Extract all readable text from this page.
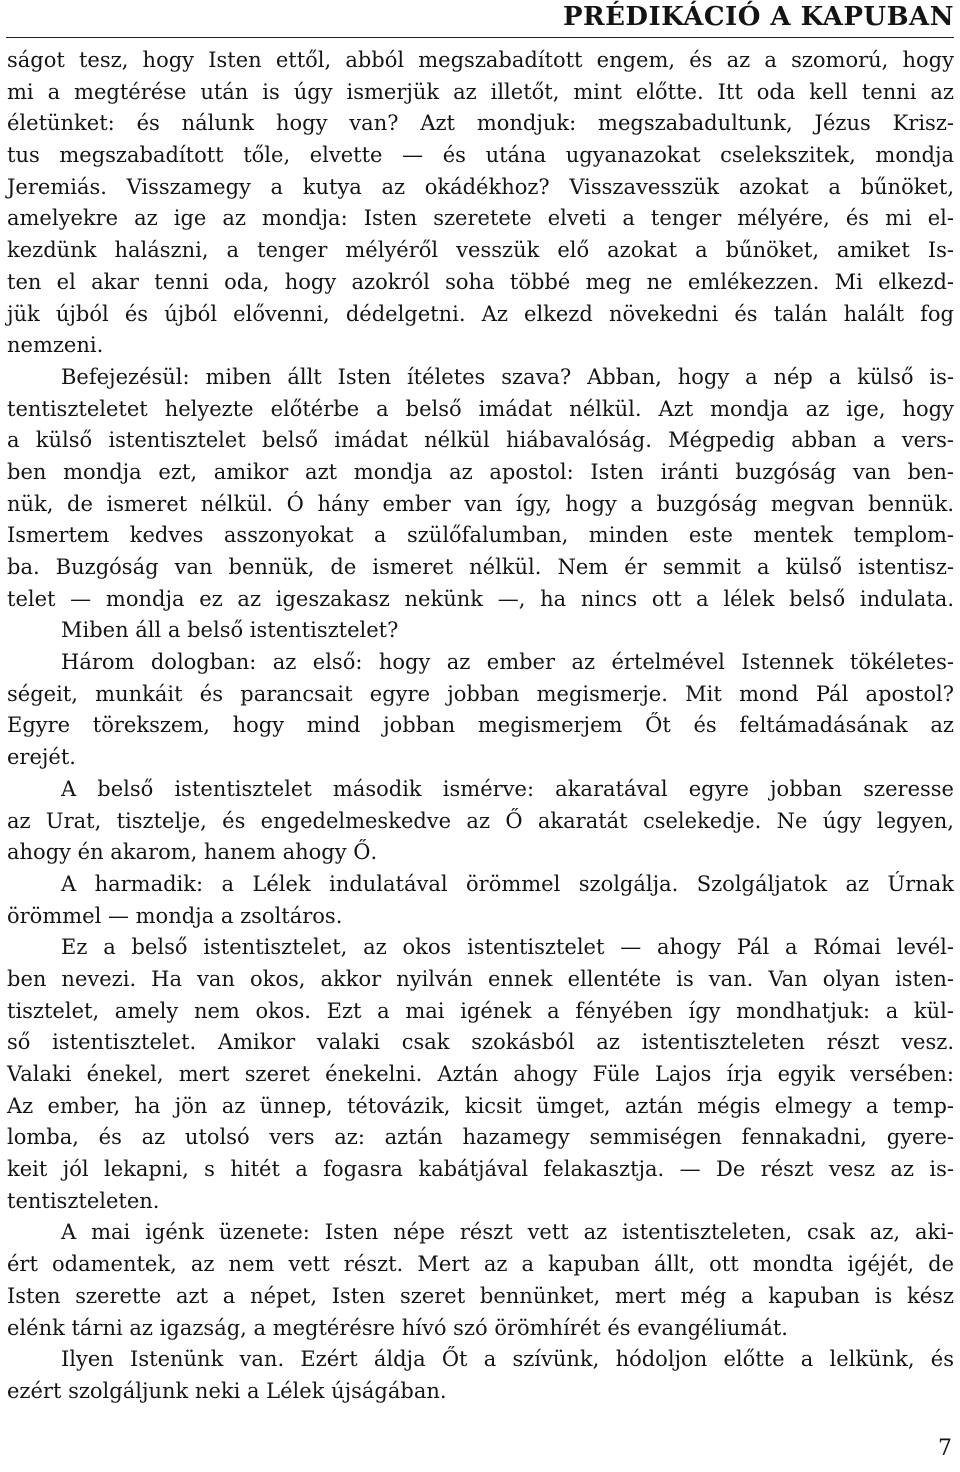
PRÉDIKÁCIÓ A KAPUBAN
ságot tesz, hogy Isten ettől, abból megszabadított engem, és az a szomorú, hogy
mi a megtérése után is úgy ismerjük az illetőt, mint előtte. Itt oda kell tenni az
életünket: és nálunk hogy van? Azt mondjuk: megszabadultunk, Jézus Krisz-
tus megszabadított tőle, elvette — és utána ugyanazokat cselekszitek, mondja
Jeremiás. Visszamegy a kutya az okádékhoz? Visszavesszük azokat a bűnöket,
amelyekre az ige az mondja: Isten szeretete elveti a tenger mélyére, és mi el-
kezdünk halászni, a tenger mélyéről vesszük elő azokat a bűnöket, amiket Is-
ten el akar tenni oda, hogy azokról soha többé meg ne emlékezzen. Mi elkezd-
jük újból és újból elővenni, dédelgetni. Az elkezd növekedni és talán halált fog
nemzeni.
Befejezésül: miben állt Isten ítéletes szava? Abban, hogy a nép a külső is-
tentiszteletet helyezte előtérbe a belső imádat nélkül. Azt mondja az ige, hogy
a külső istentisztelet belső imádat nélkül hiábavalóság. Mégpedig abban a vers-
ben mondja ezt, amikor azt mondja az apostol: Isten iránti buzgóság van ben-
nük, de ismeret nélkül. Ó hány ember van így, hogy a buzgóság megvan bennük.
Ismertem kedves asszonyokat a szülőfalumban, minden este mentek templom-
ba. Buzgóság van bennük, de ismeret nélkül. Nem ér semmit a külső istentisz-
telet — mondja ez az igeszakasz nekünk —, ha nincs ott a lélek belső indulata.
Miben áll a belső istentisztelet?
Három dologban: az első: hogy az ember az értelmével Istennek tökéletes-
ségeit, munkáit és parancsait egyre jobban megismerje. Mit mond Pál apostol?
Egyre törekszem, hogy mind jobban megismerjem Őt és feltámadásának az
erejét.
A belső istentisztelet második ismérve: akaratával egyre jobban szeresse
az Urat, tisztelje, és engedelmeskedve az Ő akaratát cselekedje. Ne úgy legyen,
ahogy én akarom, hanem ahogy Ő.
A harmadik: a Lélek indulatával örömmel szolgálja. Szolgáljatok az Úrnak
örömmel — mondja a zsoltáros.
Ez a belső istentisztelet, az okos istentisztelet — ahogy Pál a Római levél-
ben nevezi. Ha van okos, akkor nyilván ennek ellentéte is van. Van olyan isten-
tisztelet, amely nem okos. Ezt a mai igének a fényében így mondhatjuk: a kül-
ső istentisztelet. Amikor valaki csak szokásból az istentiszteleten részt vesz.
Valaki énekel, mert szeret énekelni. Aztán ahogy Füle Lajos írja egyik versében:
Az ember, ha jön az ünnep, tétovázik, kicsit ümget, aztán mégis elmegy a temp-
lomba, és az utolsó vers az: aztán hazamegy semmiségen fennakadni, gyere-
keit jól lekapni, s hitét a fogasra kabátjával felakasztja. — De részt vesz az is-
tentiszteleten.
A mai igénk üzenete: Isten népe részt vett az istentiszteleten, csak az, aki-
ért odamentek, az nem vett részt. Mert az a kapuban állt, ott mondta igéjét, de
Isten szerette azt a népet, Isten szeret bennünket, mert még a kapuban is kész
elénk tárni az igazság, a megtérésre hívó szó örömhírét és evangéliumát.
Ilyen Istenünk van. Ezért áldja Őt a szívünk, hódoljon előtte a lelkünk, és
ezért szolgáljunk neki a Lélek újságában.
7
